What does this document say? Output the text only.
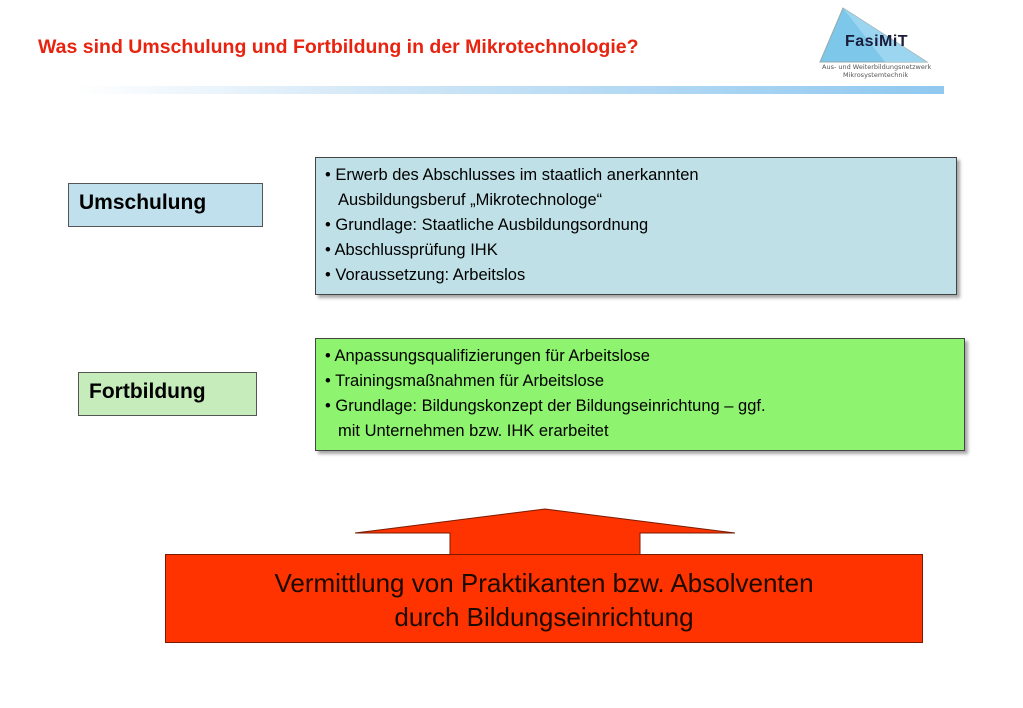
Was sind Umschulung und Fortbildung in der Mikrotechnologie?	FasiMiT
Aus- und Weiterbildungsnetzwerk
Mikrosystemtechnik
Umschulung
• Erwerb des Abschlusses im staatlich anerkannten
Ausbildungsberuf „Mikrotechnologe“
• Grundlage: Staatliche Ausbildungsordnung
• Abschlussprüfung IHK
• Voraussetzung: Arbeitslos
Fortbildung
• Anpassungsqualifizierungen für Arbeitslose
• Trainingsmaßnahmen für Arbeitslose
• Grundlage: Bildungskonzept der Bildungseinrichtung – ggf.
mit Unternehmen bzw. IHK erarbeitet
Vermittlung von Praktikanten bzw. Absolventen
durch Bildungseinrichtung
